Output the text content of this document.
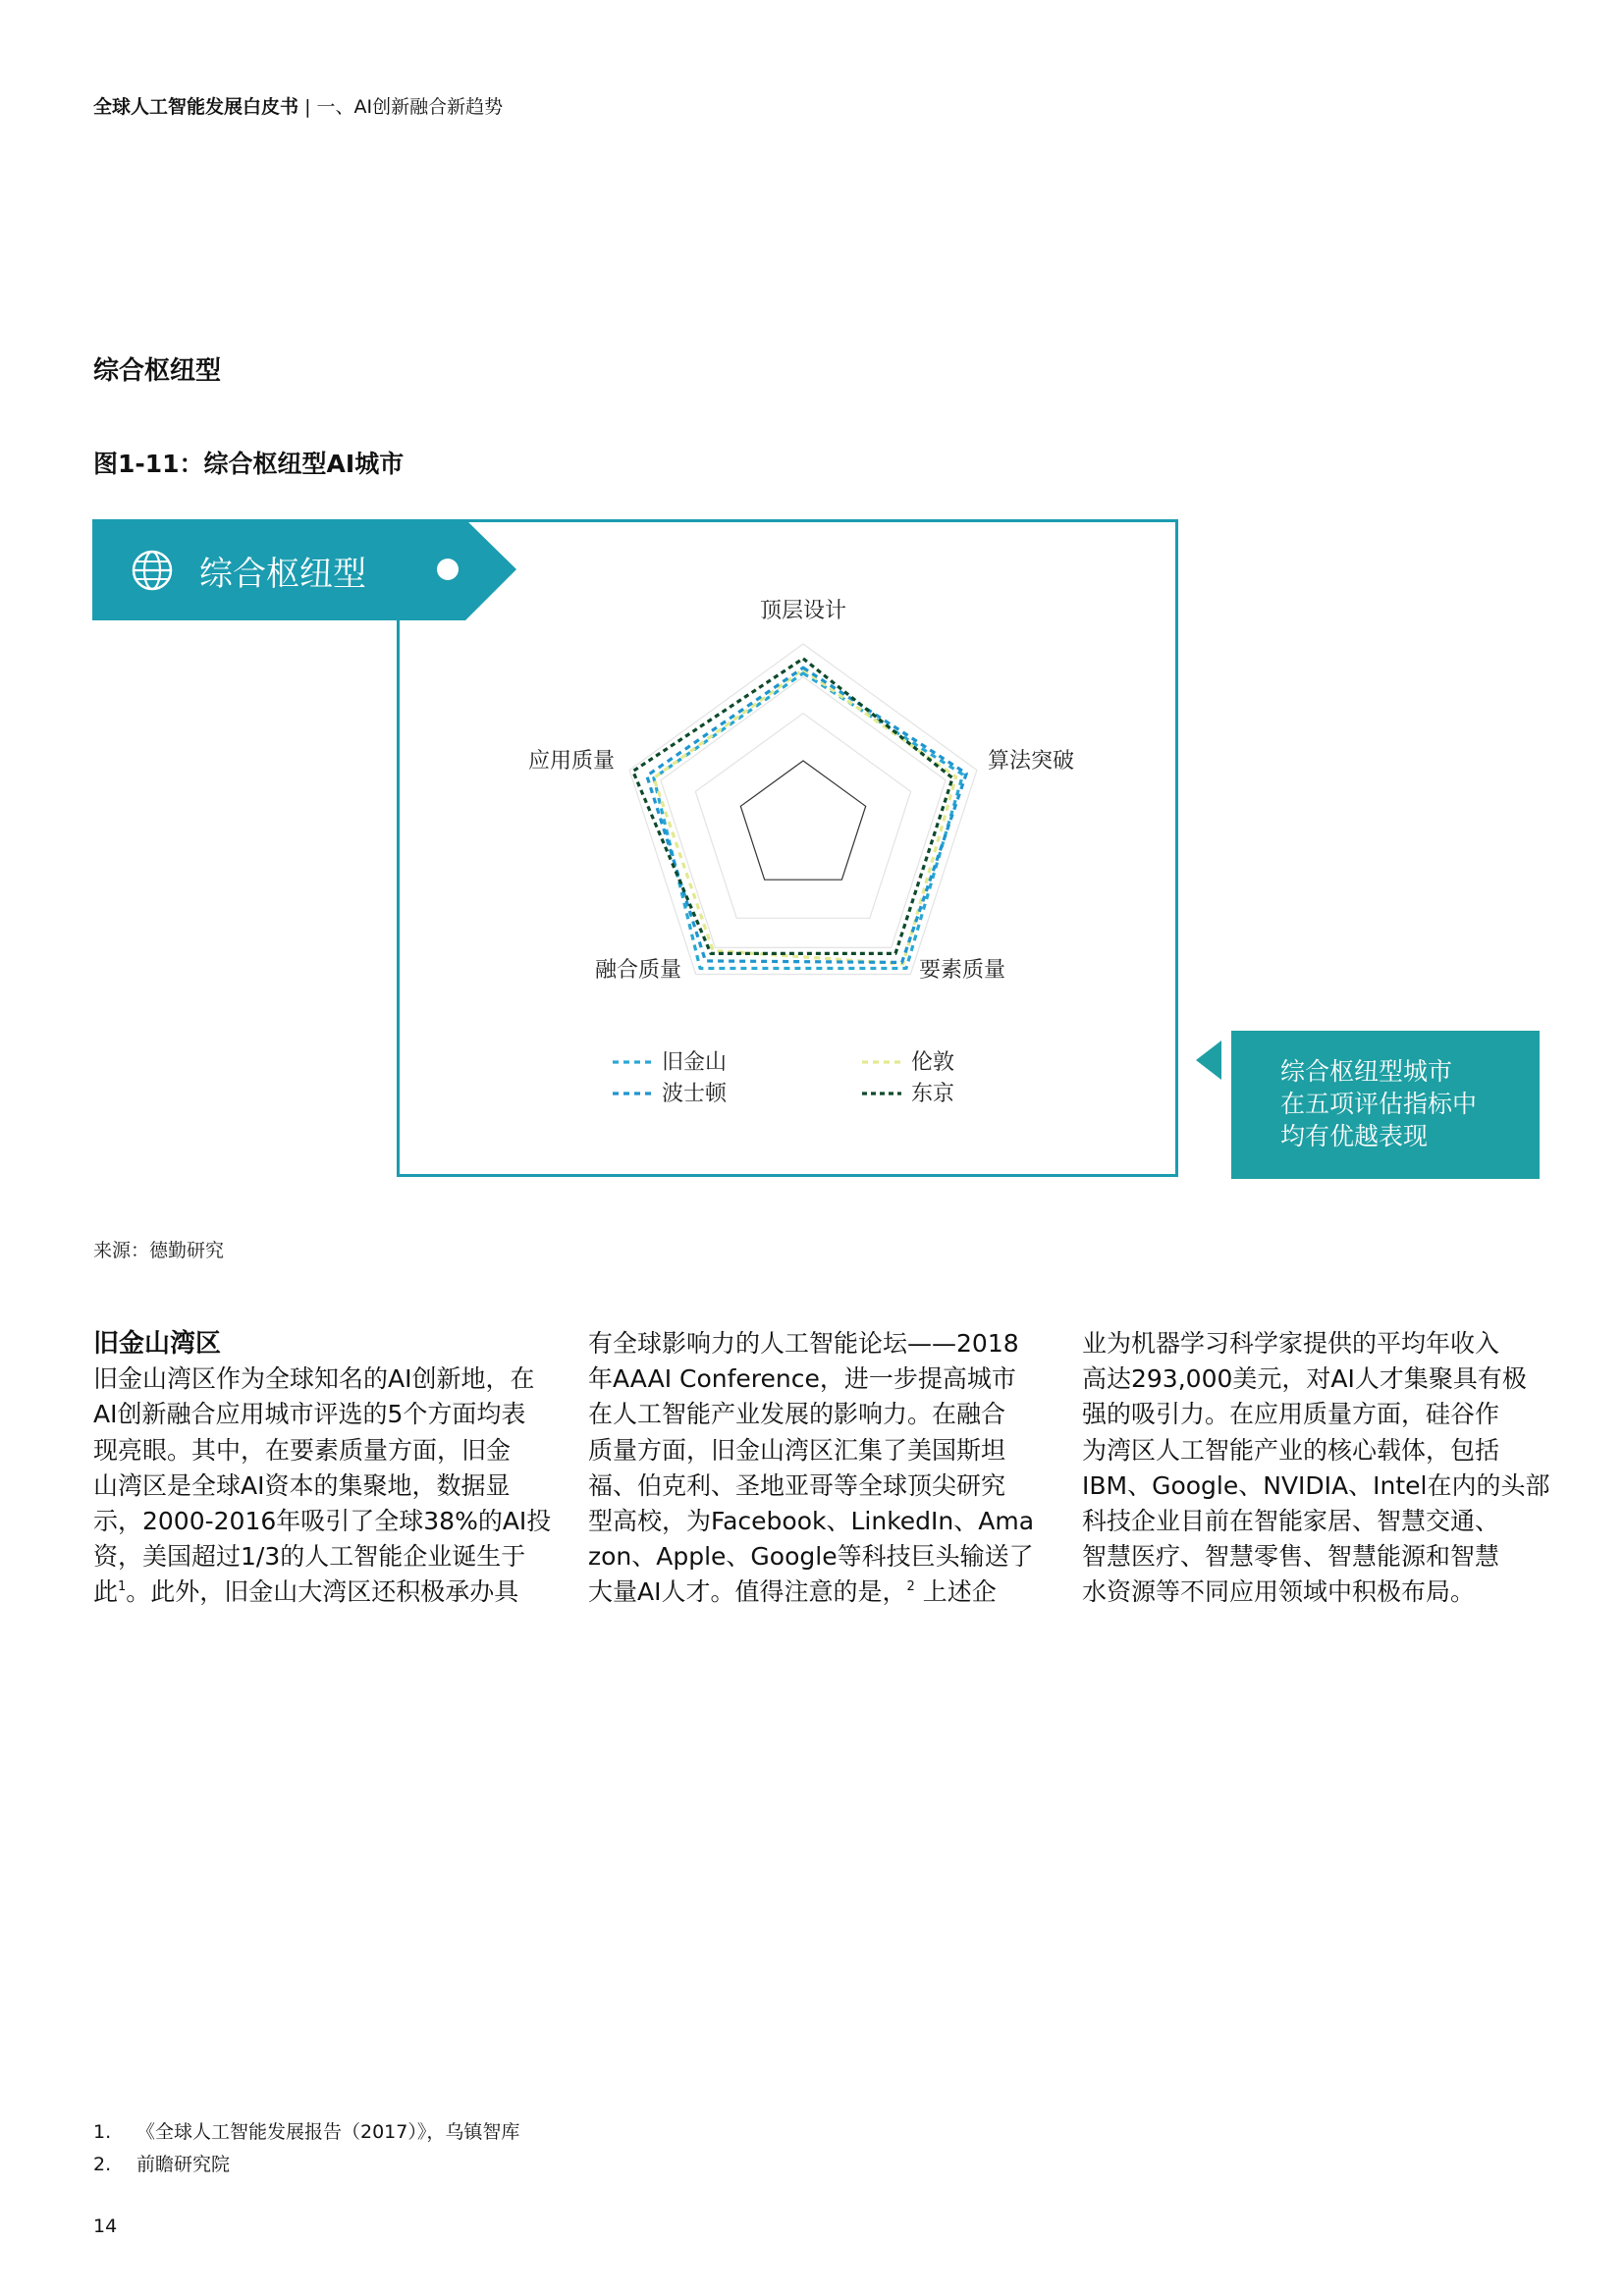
全球人工智能发展白皮书 | 一、AI创新融合新趋势
综合枢纽型
图1-11：综合枢纽型AI城市
综合枢纽型
顶层设计
算法突破
要素质量
融合质量
应用质量
旧金山	伦敦
波士顿	东京
综合枢纽型城市
在五项评估指标中
均有优越表现
来源：德勤研究
旧金山湾区
旧金山湾区作为全球知名的AI创新地，在
AI创新融合应用城市评选的5个方面均表
现亮眼。其中，在要素质量方面，旧金
山湾区是全球AI资本的集聚地，数据显
示，2000-2016年吸引了全球38%的AI投
资，美国超过1/3的人工智能企业诞生于
此$^1$。此外，旧金山大湾区还积极承办具
有全球影响力的人工智能论坛——2018
年AAAI Conference，进一步提高城市
在人工智能产业发展的影响力。在融合
质量方面，旧金山湾区汇集了美国斯坦
福、伯克利、圣地亚哥等全球顶尖研究
型高校，为Facebook、LinkedIn、Ama
zon、Apple、Google等科技巨头输送了
大量AI人才。值得注意的是，$^2$ 上述企
业为机器学习科学家提供的平均年收入
高达293,000美元，对AI人才集聚具有极
强的吸引力。在应用质量方面，硅谷作
为湾区人工智能产业的核心载体，包括
IBM、Google、NVIDIA、Intel在内的头部
科技企业目前在智能家居、智慧交通、
智慧医疗、智慧零售、智慧能源和智慧
水资源等不同应用领域中积极布局。
1. 《全球人工智能发展报告（2017）》，乌镇智库
2. 前瞻研究院
14
